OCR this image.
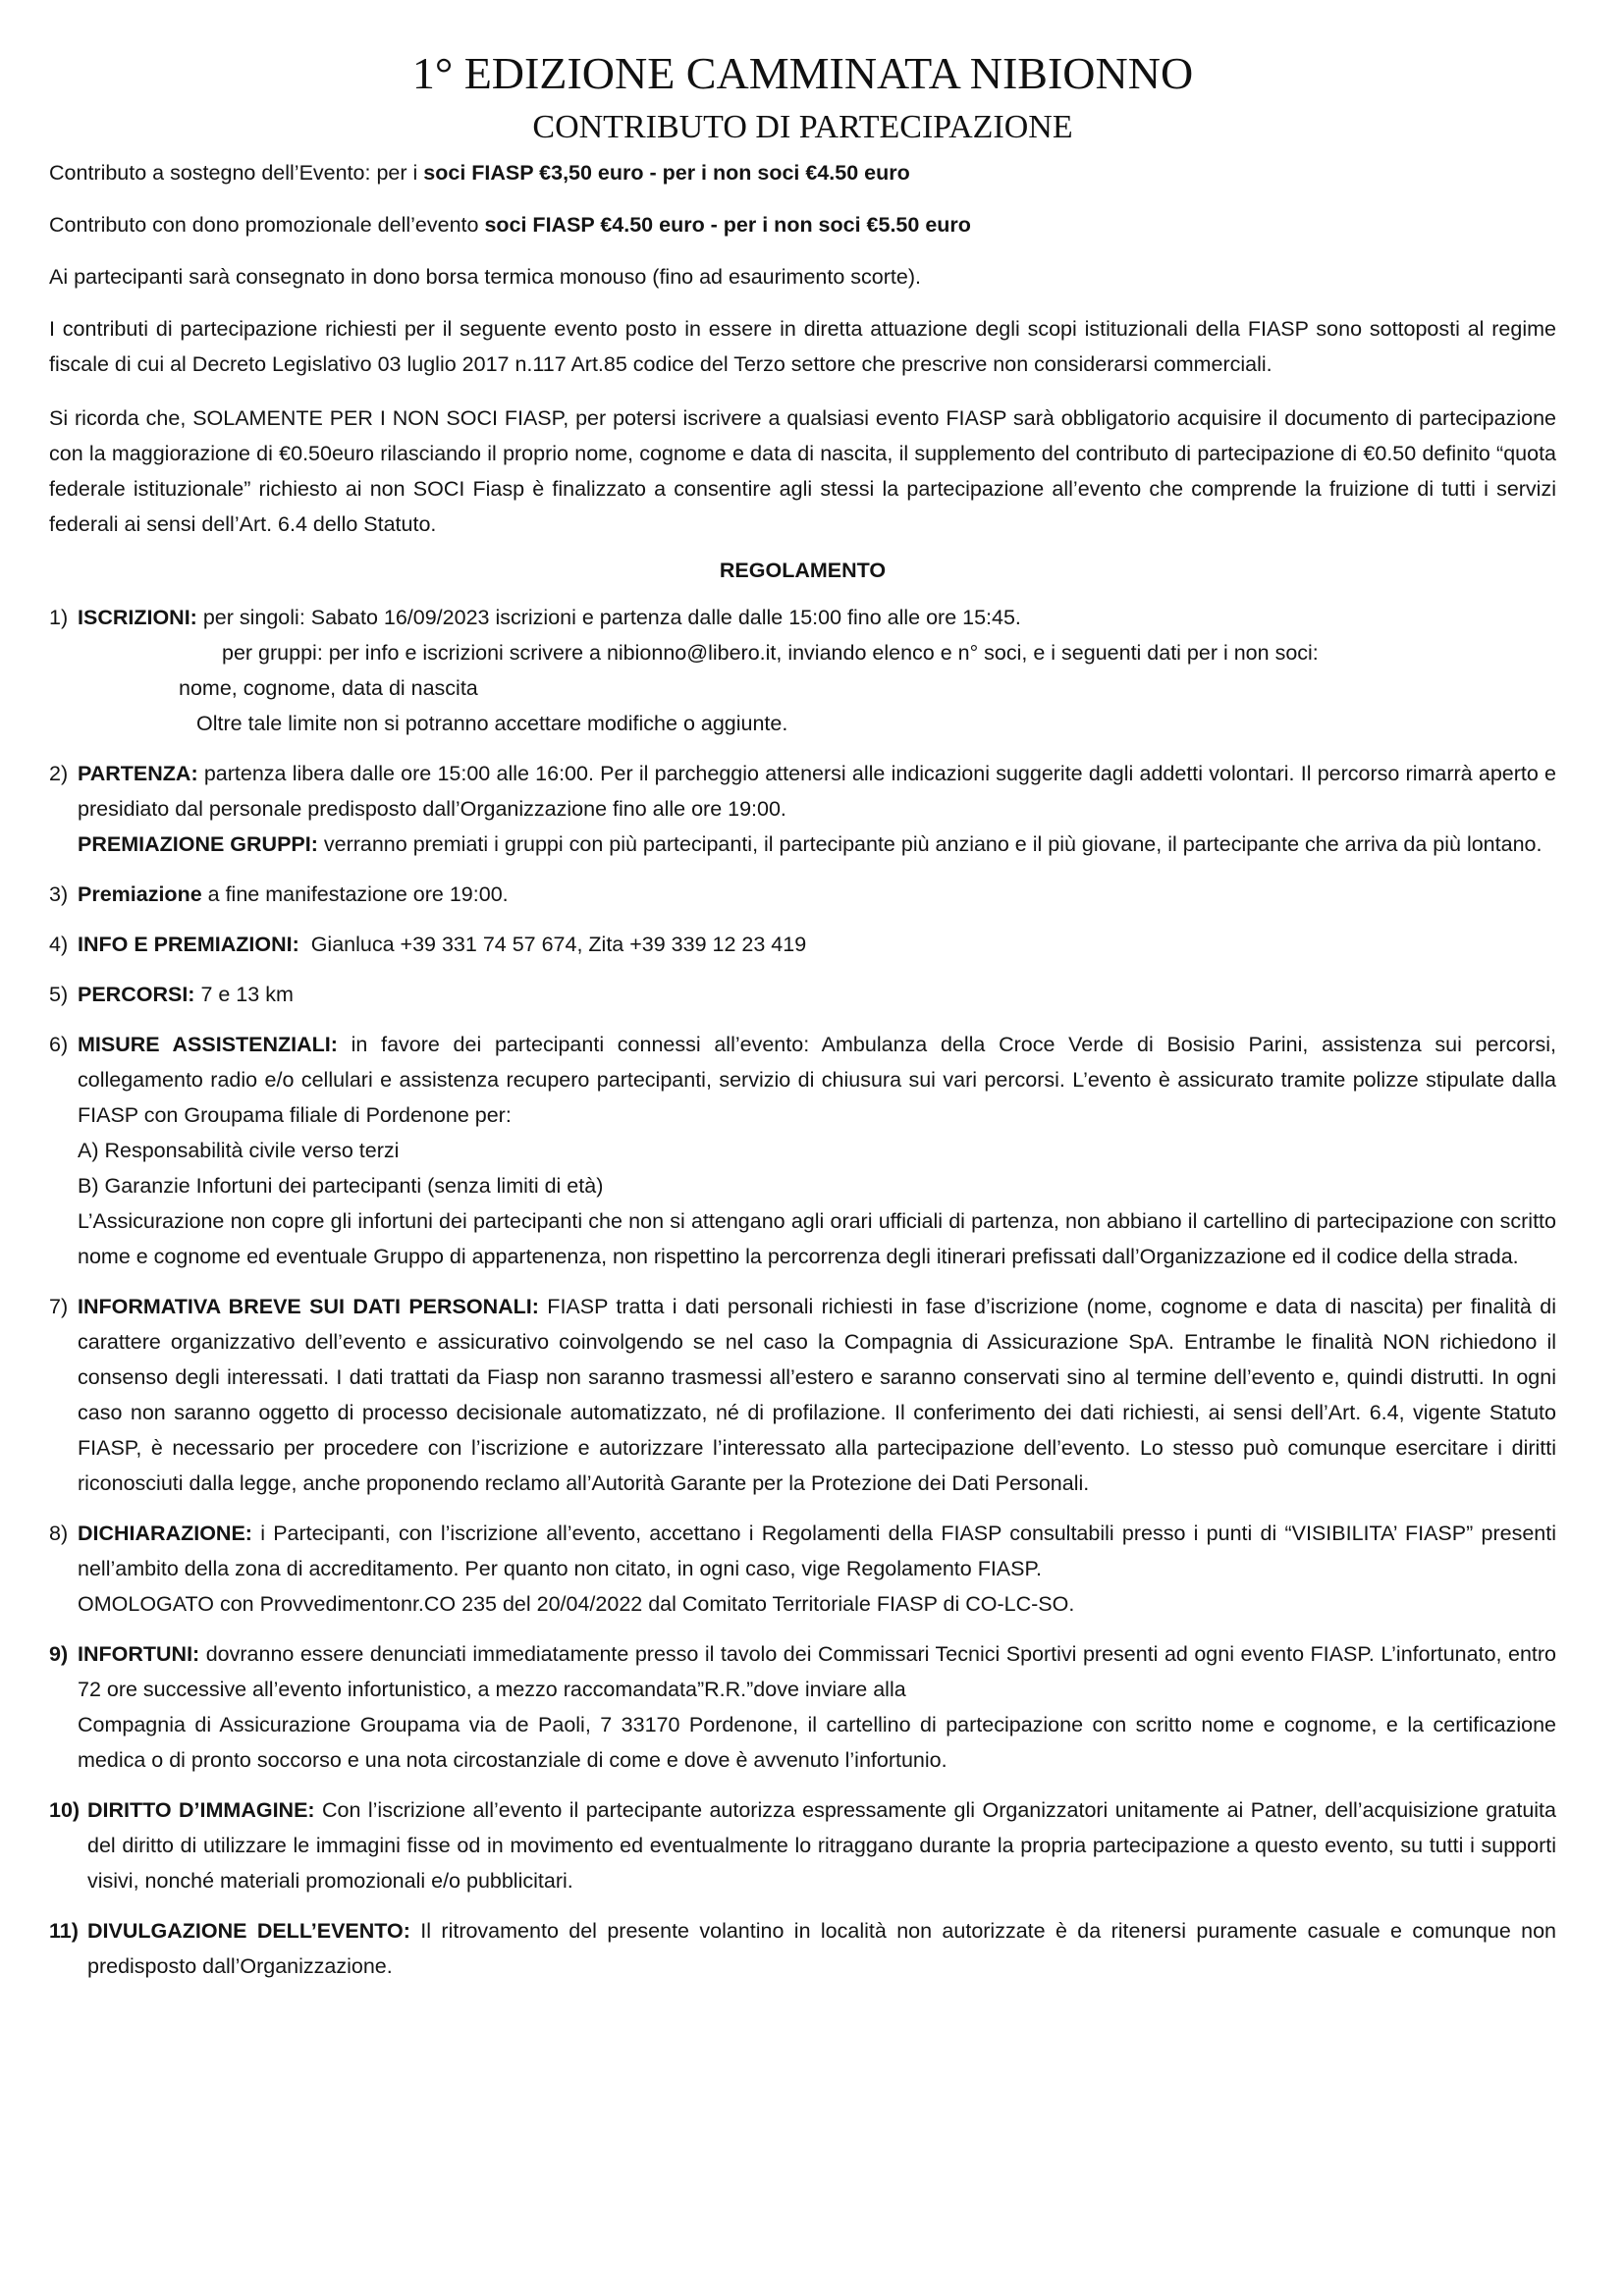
1° EDIZIONE CAMMINATA NIBIONNO
CONTRIBUTO DI PARTECIPAZIONE

Contributo a sostegno dell’Evento: per i soci FIASP €3,50 euro - per i non soci €4.50 euro

Contributo con dono promozionale dell’evento soci FIASP €4.50 euro - per i non soci €5.50 euro

Ai partecipanti sarà consegnato in dono borsa termica monouso (fino ad esaurimento scorte).

I contributi di partecipazione richiesti per il seguente evento posto in essere in diretta attuazione degli scopi istituzionali della FIASP sono sottoposti al regime fiscale di cui al Decreto Legislativo 03 luglio 2017 n.117 Art.85 codice del Terzo settore che prescrive non considerarsi commerciali.

Si ricorda che, SOLAMENTE PER I NON SOCI FIASP, per potersi iscrivere a qualsiasi evento FIASP sarà obbligatorio acquisire il documento di partecipazione con la maggiorazione di €0.50euro rilasciando il proprio nome, cognome e data di nascita, il supplemento del contributo di partecipazione di €0.50 definito “quota federale istituzionale” richiesto ai non SOCI Fiasp è finalizzato a consentire agli stessi la partecipazione all’evento che comprende la fruizione di tutti i servizi federali ai sensi dell’Art. 6.4 dello Statuto.

REGOLAMENTO
1) ISCRIZIONI: per singoli: Sabato 16/09/2023 iscrizioni e partenza dalle dalle 15:00 fino alle ore 15:45.
per gruppi: per info e iscrizioni scrivere a nibionno@libero.it, inviando elenco e n° soci, e i seguenti dati per i non soci:
nome, cognome, data di nascita
Oltre tale limite non si potranno accettare modifiche o aggiunte.
2) PARTENZA: partenza libera dalle ore 15:00 alle 16:00. Per il parcheggio attenersi alle indicazioni suggerite dagli addetti volontari. Il percorso rimarrà aperto e presidiato dal personale predisposto dall’Organizzazione fino alle ore 19:00.
PREMIAZIONE GRUPPI: verranno premiati i gruppi con più partecipanti, il partecipante più anziano e il più giovane, il partecipante che arriva da più lontano.
3) Premiazione a fine manifestazione ore 19:00.
4) INFO E PREMIAZIONI:  Gianluca +39 331 74 57 674, Zita +39 339 12 23 419
5) PERCORSI: 7 e 13 km
6) MISURE ASSISTENZIALI: in favore dei partecipanti connessi all’evento: Ambulanza della Croce Verde di Bosisio Parini, assistenza sui percorsi, collegamento radio e/o cellulari e assistenza recupero partecipanti, servizio di chiusura sui vari percorsi. L’evento è assicurato tramite polizze stipulate dalla FIASP con Groupama filiale di Pordenone per:
A) Responsabilità civile verso terzi
B) Garanzie Infortuni dei partecipanti (senza limiti di età)
L’Assicurazione non copre gli infortuni dei partecipanti che non si attengano agli orari ufficiali di partenza, non abbiano il cartellino di partecipazione con scritto nome e cognome ed eventuale Gruppo di appartenenza, non rispettino la percorrenza degli itinerari prefissati dall’Organizzazione ed il codice della strada.
7) INFORMATIVA BREVE SUI DATI PERSONALI: FIASP tratta i dati personali richiesti in fase d’iscrizione (nome, cognome e data di nascita) per finalità di carattere organizzativo dell’evento e assicurativo coinvolgendo se nel caso la Compagnia di Assicurazione SpA. Entrambe le finalità NON richiedono il consenso degli interessati. I dati trattati da Fiasp non saranno trasmessi all’estero e saranno conservati sino al termine dell’evento e, quindi distrutti. In ogni caso non saranno oggetto di processo decisionale automatizzato, né di profilazione. Il conferimento dei dati richiesti, ai sensi dell’Art. 6.4, vigente Statuto FIASP, è necessario per procedere con l’iscrizione e autorizzare l’interessato alla partecipazione dell’evento. Lo stesso può comunque esercitare i diritti riconosciuti dalla legge, anche proponendo reclamo all’Autorità Garante per la Protezione dei Dati Personali.
8) DICHIARAZIONE: i Partecipanti, con l’iscrizione all’evento, accettano i Regolamenti della FIASP consultabili presso i punti di “VISIBILITA’ FIASP” presenti nell’ambito della zona di accreditamento. Per quanto non citato, in ogni caso, vige Regolamento FIASP.
OMOLOGATO con Provvedimentonr.CO 235 del 20/04/2022 dal Comitato Territoriale FIASP di CO-LC-SO.
9) INFORTUNI: dovranno essere denunciati immediatamente presso il tavolo dei Commissari Tecnici Sportivi presenti ad ogni evento FIASP. L’infortunato, entro 72 ore successive all’evento infortunistico, a mezzo raccomandata”R.R.”dove inviare alla
Compagnia di Assicurazione Groupama via de Paoli, 7 33170 Pordenone, il cartellino di partecipazione con scritto nome e cognome, e la certificazione medica o di pronto soccorso e una nota circostanziale di come e dove è avvenuto l’infortunio.
10) DIRITTO D’IMMAGINE: Con l’iscrizione all’evento il partecipante autorizza espressamente gli Organizzatori unitamente ai Patner, dell’acquisizione gratuita del diritto di utilizzare le immagini fisse od in movimento ed eventualmente lo ritraggano durante la propria partecipazione a questo evento, su tutti i supporti visivi, nonché materiali promozionali e/o pubblicitari.
11) DIVULGAZIONE DELL’EVENTO: Il ritrovamento del presente volantino in località non autorizzate è da ritenersi puramente casuale e comunque non predisposto dall’Organizzazione.
